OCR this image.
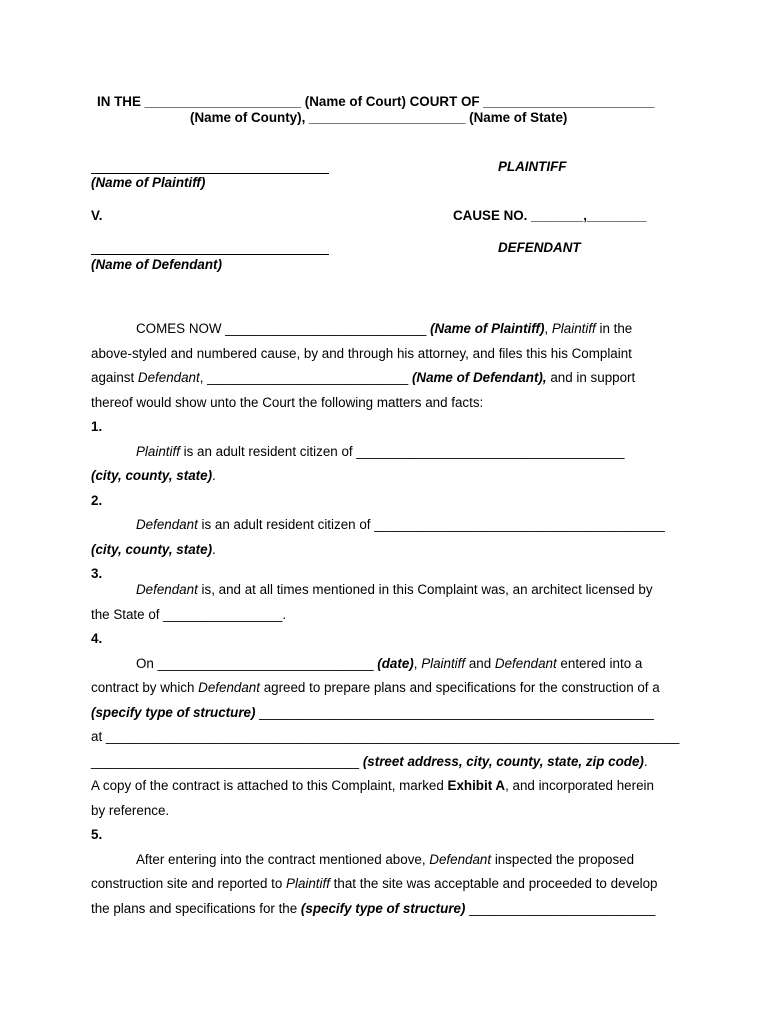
IN THE _____________________ (Name of Court) COURT OF _______________________
(Name of County), _____________________ (Name of State)
PLAINTIFF
(Name of Plaintiff)
V.	CAUSE NO. _______,________
DEFENDANT
(Name of Defendant)
COMES NOW ___________________________ (Name of Plaintiff), Plaintiff in the
above-styled and numbered cause, by and through his attorney, and files this his Complaint
against Defendant, ___________________________ (Name of Defendant), and in support
thereof would show unto the Court the following matters and facts:
1.
Plaintiff is an adult resident citizen of ____________________________________
(city, county, state).
2.
Defendant is an adult resident citizen of _______________________________________
(city, county, state).
3.
Defendant is, and at all times mentioned in this Complaint was, an architect licensed by
the State of ________________.
4.
On _____________________________ (date), Plaintiff and Defendant entered into a
contract by which Defendant agreed to prepare plans and specifications for the construction of a
(specify type of structure) _____________________________________________________
at _____________________________________________________________________________
____________________________________ (street address, city, county, state, zip code).
A copy of the contract is attached to this Complaint, marked Exhibit A, and incorporated herein
by reference.
5.
After entering into the contract mentioned above, Defendant inspected the proposed
construction site and reported to Plaintiff that the site was acceptable and proceeded to develop
the plans and specifications for the (specify type of structure) _________________________
